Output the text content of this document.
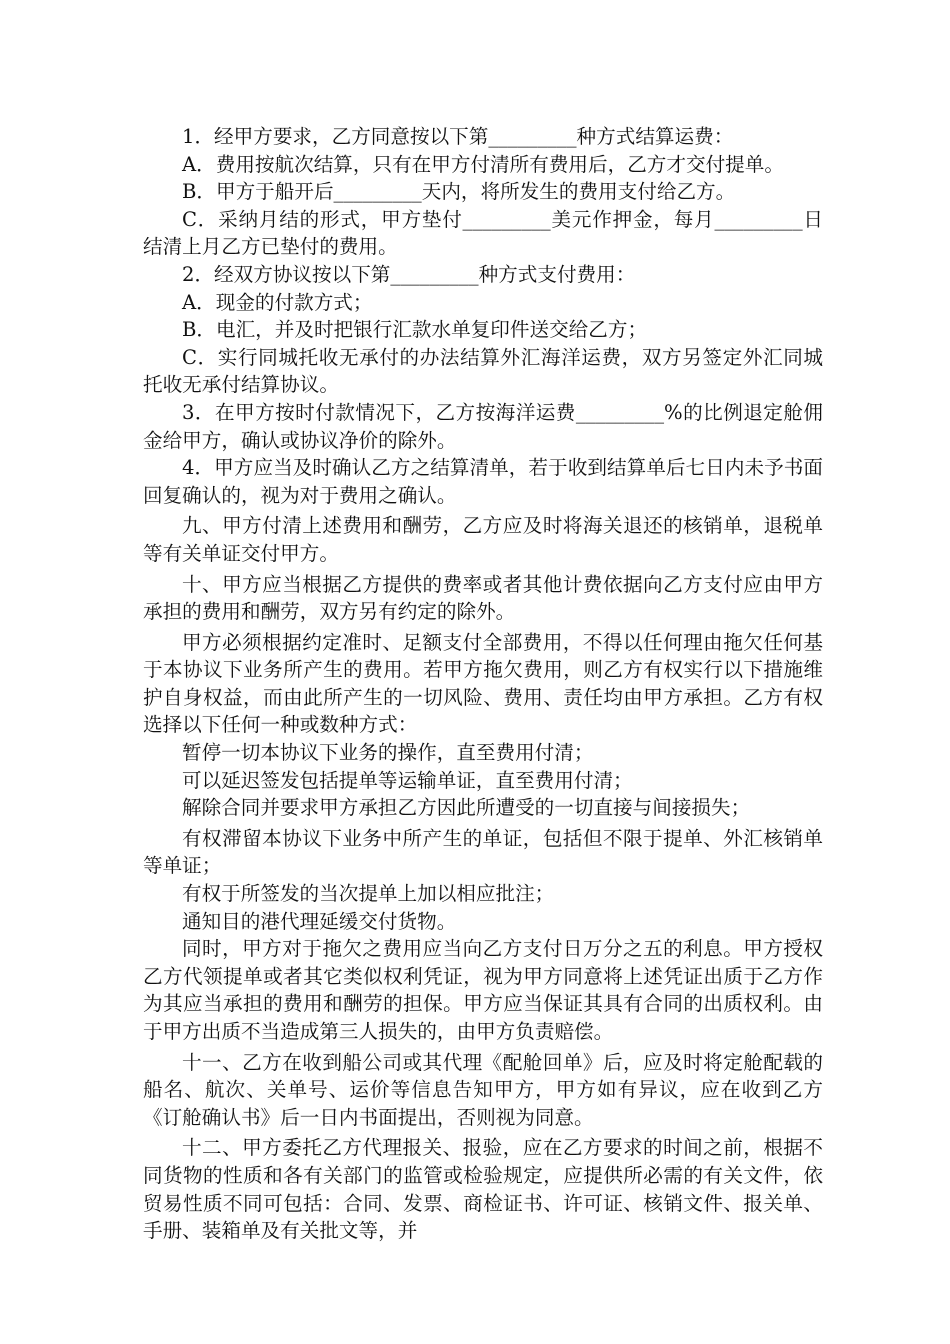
1．经甲方要求，乙方同意按以下第_________种方式结算运费：

A．费用按航次结算，只有在甲方付清所有费用后，乙方才交付提单。

B．甲方于船开后_________天内，将所发生的费用支付给乙方。

C．采纳月结的形式，甲方垫付_________美元作押金，每月_________日结清上月乙方已垫付的费用。

2．经双方协议按以下第_________种方式支付费用：

A．现金的付款方式；

B．电汇，并及时把银行汇款水单复印件送交给乙方；

C．实行同城托收无承付的办法结算外汇海洋运费，双方另签定外汇同城托收无承付结算协议。

3．在甲方按时付款情况下，乙方按海洋运费_________%的比例退定舱佣金给甲方，确认或协议净价的除外。

4．甲方应当及时确认乙方之结算清单，若于收到结算单后七日内未予书面回复确认的，视为对于费用之确认。

九、甲方付清上述费用和酬劳，乙方应及时将海关退还的核销单，退税单等有关单证交付甲方。

十、甲方应当根据乙方提供的费率或者其他计费依据向乙方支付应由甲方承担的费用和酬劳，双方另有约定的除外。

甲方必须根据约定准时、足额支付全部费用，不得以任何理由拖欠任何基于本协议下业务所产生的费用。若甲方拖欠费用，则乙方有权实行以下措施维护自身权益，而由此所产生的一切风险、费用、责任均由甲方承担。乙方有权选择以下任何一种或数种方式：

暂停一切本协议下业务的操作，直至费用付清；

可以延迟签发包括提单等运输单证，直至费用付清；

解除合同并要求甲方承担乙方因此所遭受的一切直接与间接损失；

有权滞留本协议下业务中所产生的单证，包括但不限于提单、外汇核销单等单证；

有权于所签发的当次提单上加以相应批注；

通知目的港代理延缓交付货物。

同时，甲方对于拖欠之费用应当向乙方支付日万分之五的利息。甲方授权乙方代领提单或者其它类似权利凭证，视为甲方同意将上述凭证出质于乙方作为其应当承担的费用和酬劳的担保。甲方应当保证其具有合同的出质权利。由于甲方出质不当造成第三人损失的，由甲方负责赔偿。

十一、乙方在收到船公司或其代理《配舱回单》后，应及时将定舱配载的船名、航次、关单号、运价等信息告知甲方，甲方如有异议，应在收到乙方《订舱确认书》后一日内书面提出，否则视为同意。

十二、甲方委托乙方代理报关、报验，应在乙方要求的时间之前，根据不同货物的性质和各有关部门的监管或检验规定，应提供所必需的有关文件，依贸易性质不同可包括：合同、发票、商检证书、许可证、核销文件、报关单、手册、装箱单及有关批文等，并
